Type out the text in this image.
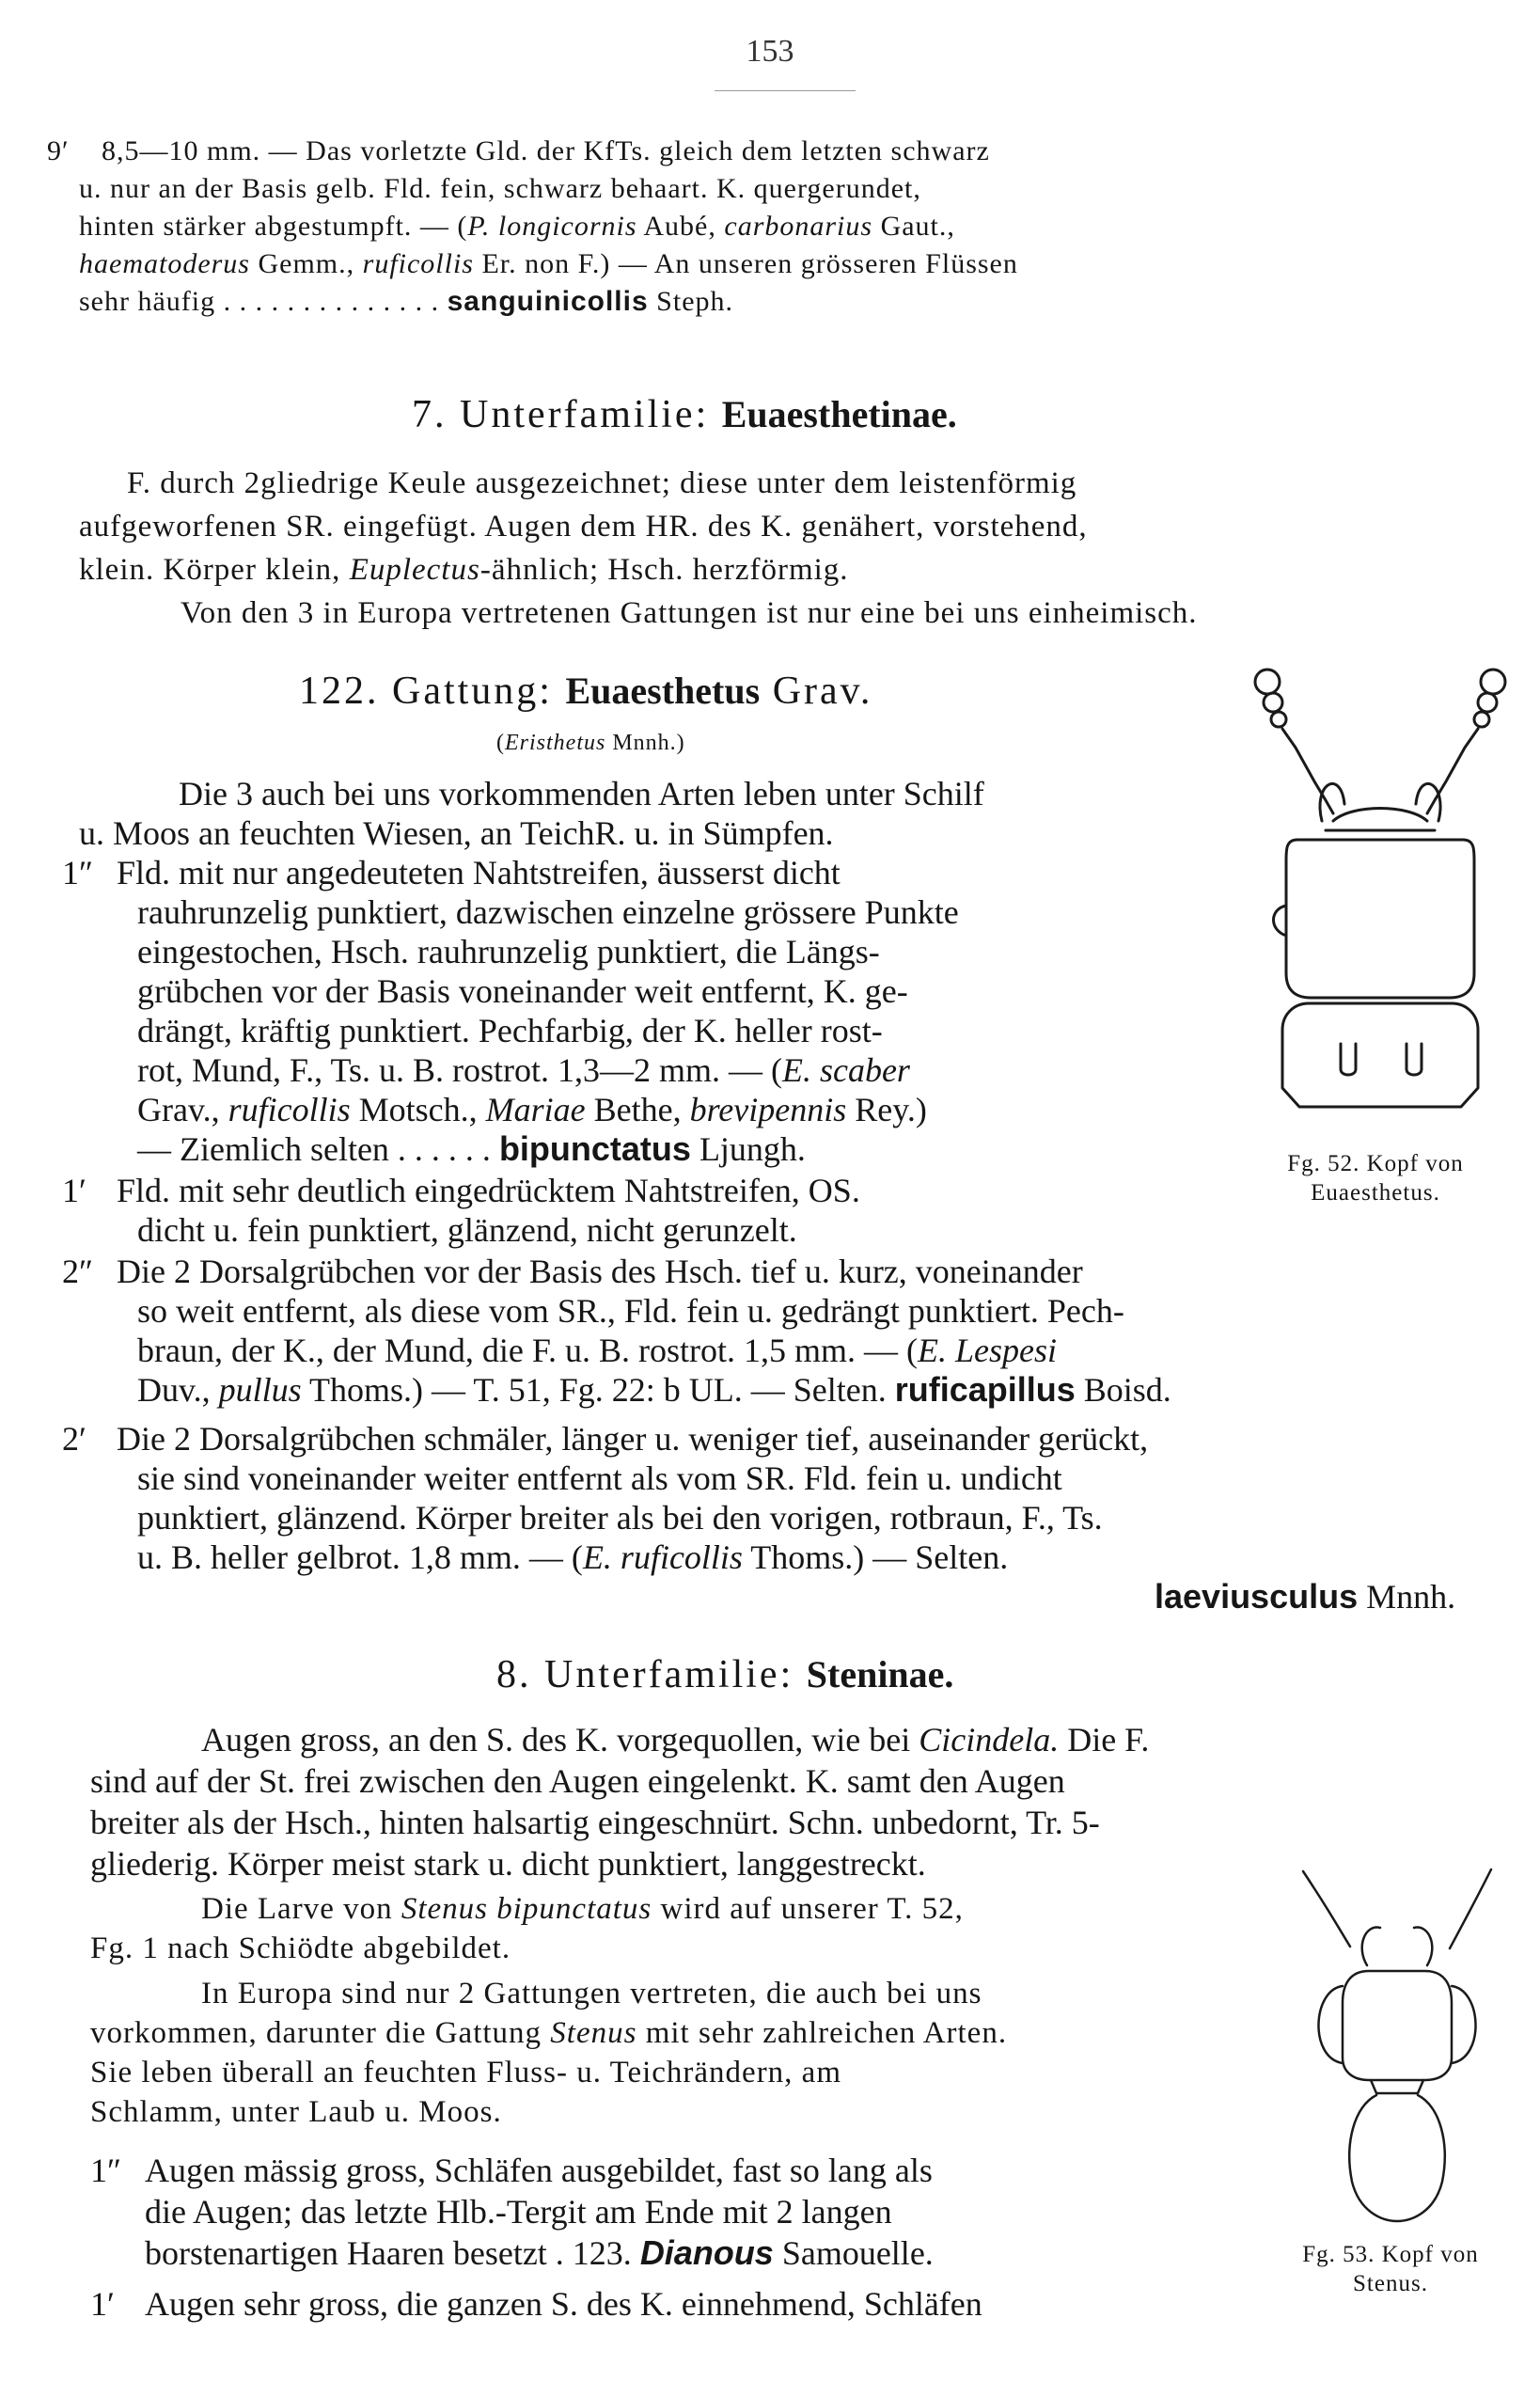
153
9′ 8,5—10 mm. — Das vorletzte Gld. der KfTs. gleich dem letzten schwarz
u. nur an der Basis gelb. Fld. fein, schwarz behaart. K. quergerundet,
hinten stärker abgestumpft. — (P. longicornis Aubé, carbonarius Gaut.,
haematoderus Gemm., ruficollis Er. non F.) — An unseren grösseren Flüssen
sehr häufig . . . . . . . . . . . . . . sanguinicollis Steph.
7. Unterfamilie: Euaesthetinae.
F. durch 2gliedrige Keule ausgezeichnet; diese unter dem leistenförmig
aufgeworfenen SR. eingefügt. Augen dem HR. des K. genähert, vorstehend,
klein. Körper klein, Euplectus-ähnlich; Hsch. herzförmig.
Von den 3 in Europa vertretenen Gattungen ist nur eine bei uns einheimisch.
122. Gattung: Euaesthetus Grav.
(Eristhetus Mnnh.)
Die 3 auch bei uns vorkommenden Arten leben unter Schilf
u. Moos an feuchten Wiesen, an TeichR. u. in Sümpfen.
1″ Fld. mit nur angedeuteten Nahtstreifen, äusserst dicht
rauhrunzelig punktiert, dazwischen einzelne grössere Punkte
eingestochen, Hsch. rauhrunzelig punktiert, die Längs-
grübchen vor der Basis voneinander weit entfernt, K. ge-
drängt, kräftig punktiert. Pechfarbig, der K. heller rost-
rot, Mund, F., Ts. u. B. rostrot. 1,3—2 mm. — (E. scaber
Grav., ruficollis Motsch., Mariae Bethe, brevipennis Rey.)
— Ziemlich selten . . . . . . bipunctatus Ljungh.
1′ Fld. mit sehr deutlich eingedrücktem Nahtstreifen, OS.
dicht u. fein punktiert, glänzend, nicht gerunzelt.
2″ Die 2 Dorsalgrübchen vor der Basis des Hsch. tief u. kurz, voneinander
so weit entfernt, als diese vom SR., Fld. fein u. gedrängt punktiert. Pech-
braun, der K., der Mund, die F. u. B. rostrot. 1,5 mm. — (E. Lespesi
Duv., pullus Thoms.) — T. 51, Fg. 22: b UL. — Selten. ruficapillus Boisd.
2′ Die 2 Dorsalgrübchen schmäler, länger u. weniger tief, auseinander gerückt,
sie sind voneinander weiter entfernt als vom SR. Fld. fein u. undicht
punktiert, glänzend. Körper breiter als bei den vorigen, rotbraun, F., Ts.
u. B. heller gelbrot. 1,8 mm. — (E. ruficollis Thoms.) — Selten.
laeviusculus Mnnh.
Fg. 52. Kopf von
Euaesthetus.
8. Unterfamilie: Steninae.
Augen gross, an den S. des K. vorgequollen, wie bei Cicindela. Die F.
sind auf der St. frei zwischen den Augen eingelenkt. K. samt den Augen
breiter als der Hsch., hinten halsartig eingeschnürt. Schn. unbedornt, Tr. 5-
gliederig. Körper meist stark u. dicht punktiert, langgestreckt.
Die Larve von Stenus bipunctatus wird auf unserer T. 52,
Fg. 1 nach Schiödte abgebildet.
In Europa sind nur 2 Gattungen vertreten, die auch bei uns
vorkommen, darunter die Gattung Stenus mit sehr zahlreichen Arten.
Sie leben überall an feuchten Fluss- u. Teichrändern, am
Schlamm, unter Laub u. Moos.
1″ Augen mässig gross, Schläfen ausgebildet, fast so lang als
die Augen; das letzte Hlb.-Tergit am Ende mit 2 langen
borstenartigen Haaren besetzt . 123. Dianous Samouelle.
1′ Augen sehr gross, die ganzen S. des K. einnehmend, Schläfen
Fg. 53. Kopf von
Stenus.
